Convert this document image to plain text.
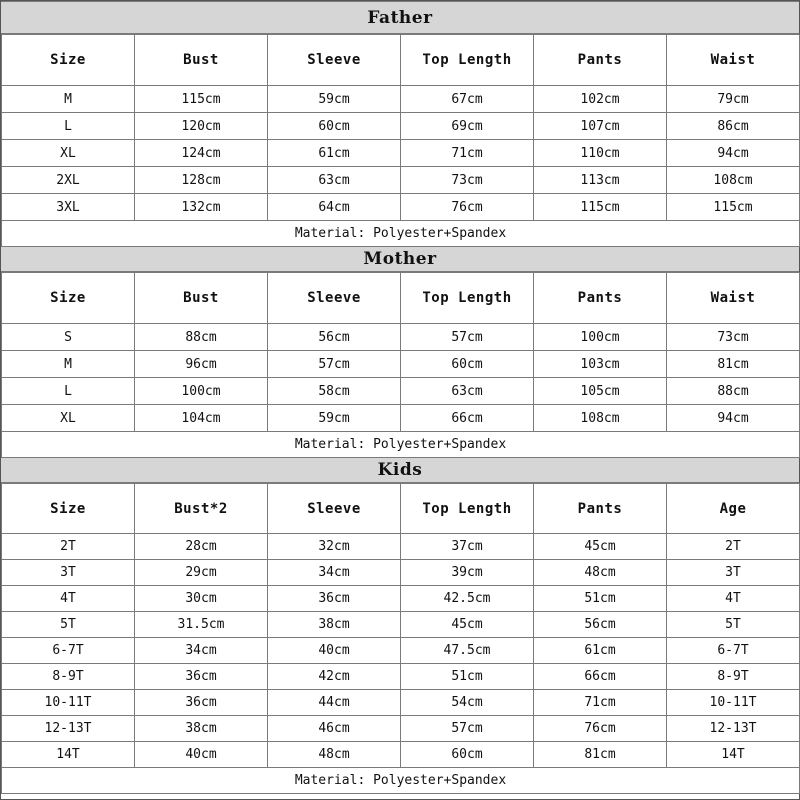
Father
Size	Bust	Sleeve	Top Length	Pants	Waist
M	115cm	59cm	67cm	102cm	79cm
L	120cm	60cm	69cm	107cm	86cm
XL	124cm	61cm	71cm	110cm	94cm
2XL	128cm	63cm	73cm	113cm	108cm
3XL	132cm	64cm	76cm	115cm	115cm
Material: Polyester+Spandex					
Mother
Size	Bust	Sleeve	Top Length	Pants	Waist
S	88cm	56cm	57cm	100cm	73cm
M	96cm	57cm	60cm	103cm	81cm
L	100cm	58cm	63cm	105cm	88cm
XL	104cm	59cm	66cm	108cm	94cm
Material: Polyester+Spandex					
Kids
Size	Bust*2	Sleeve	Top Length	Pants	Age
2T	28cm	32cm	37cm	45cm	2T
3T	29cm	34cm	39cm	48cm	3T
4T	30cm	36cm	42.5cm	51cm	4T
5T	31.5cm	38cm	45cm	56cm	5T
6-7T	34cm	40cm	47.5cm	61cm	6-7T
8-9T	36cm	42cm	51cm	66cm	8-9T
10-11T	36cm	44cm	54cm	71cm	10-11T
12-13T	38cm	46cm	57cm	76cm	12-13T
14T	40cm	48cm	60cm	81cm	14T
Material: Polyester+Spandex					
